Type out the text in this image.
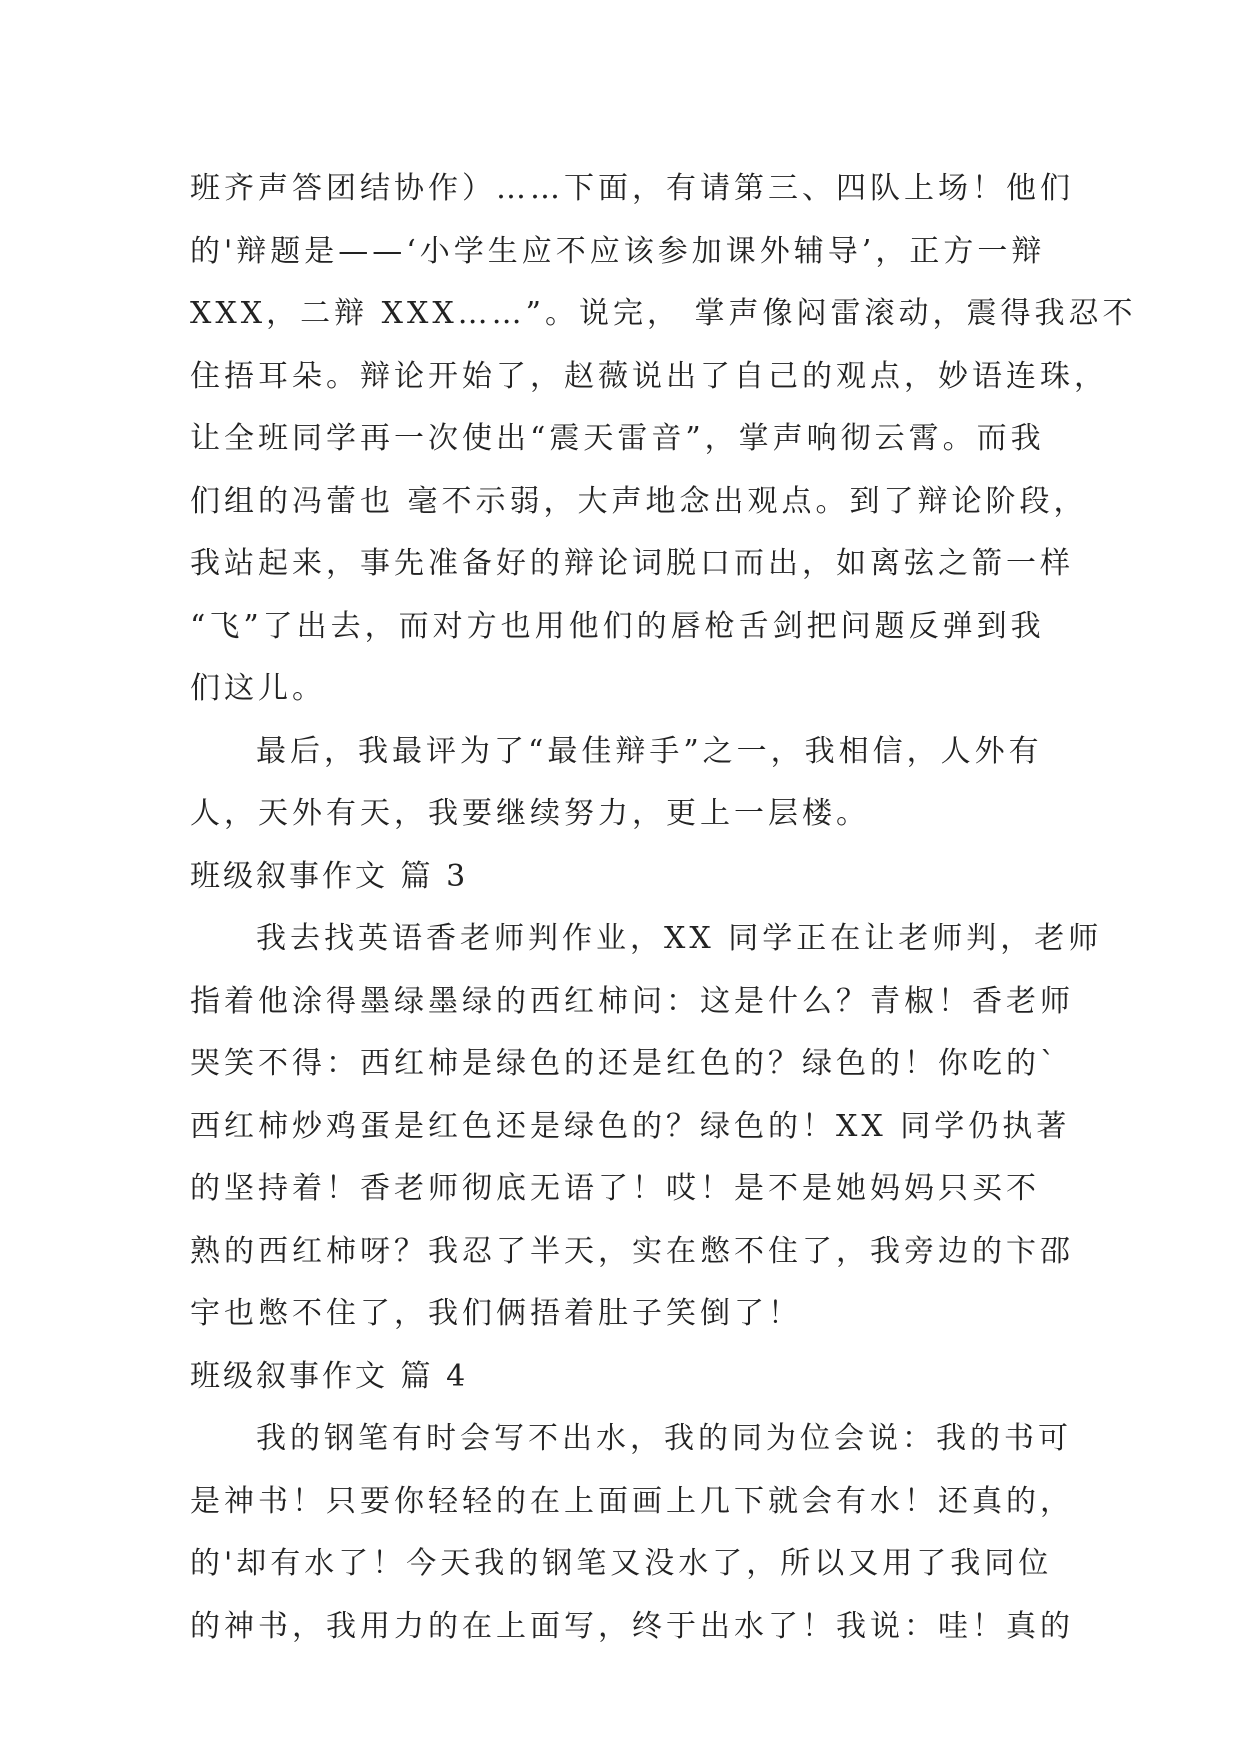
班齐声答团结协作）……下面，有请第三、四队上场！他们
的'辩题是——‘小学生应不应该参加课外辅导’，正方一辩
XXX，二辩 XXX……”。说完， 掌声像闷雷滚动，震得我忍不
住捂耳朵。辩论开始了，赵薇说出了自己的观点，妙语连珠，
让全班同学再一次使出“震天雷音”，掌声响彻云霄。而我
们组的冯蕾也 毫不示弱，大声地念出观点。到了辩论阶段，
我站起来，事先准备好的辩论词脱口而出，如离弦之箭一样
“飞”了出去，而对方也用他们的唇枪舌剑把问题反弹到我
们这儿。
最后，我最评为了“最佳辩手”之一，我相信，人外有
人，天外有天，我要继续努力，更上一层楼。
班级叙事作文 篇 3
我去找英语香老师判作业，XX 同学正在让老师判，老师
指着他涂得墨绿墨绿的西红柿问：这是什么？青椒！香老师
哭笑不得：西红柿是绿色的还是红色的？绿色的！你吃的`
西红柿炒鸡蛋是红色还是绿色的？绿色的！XX 同学仍执著
的坚持着！香老师彻底无语了！哎！是不是她妈妈只买不
熟的西红柿呀？我忍了半天，实在憋不住了，我旁边的卞邵
宇也憋不住了，我们俩捂着肚子笑倒了！
班级叙事作文 篇 4
我的钢笔有时会写不出水，我的同为位会说：我的书可
是神书！只要你轻轻的在上面画上几下就会有水！还真的，
的'却有水了！今天我的钢笔又没水了，所以又用了我同位
的神书，我用力的在上面写，终于出水了！我说：哇！真的
